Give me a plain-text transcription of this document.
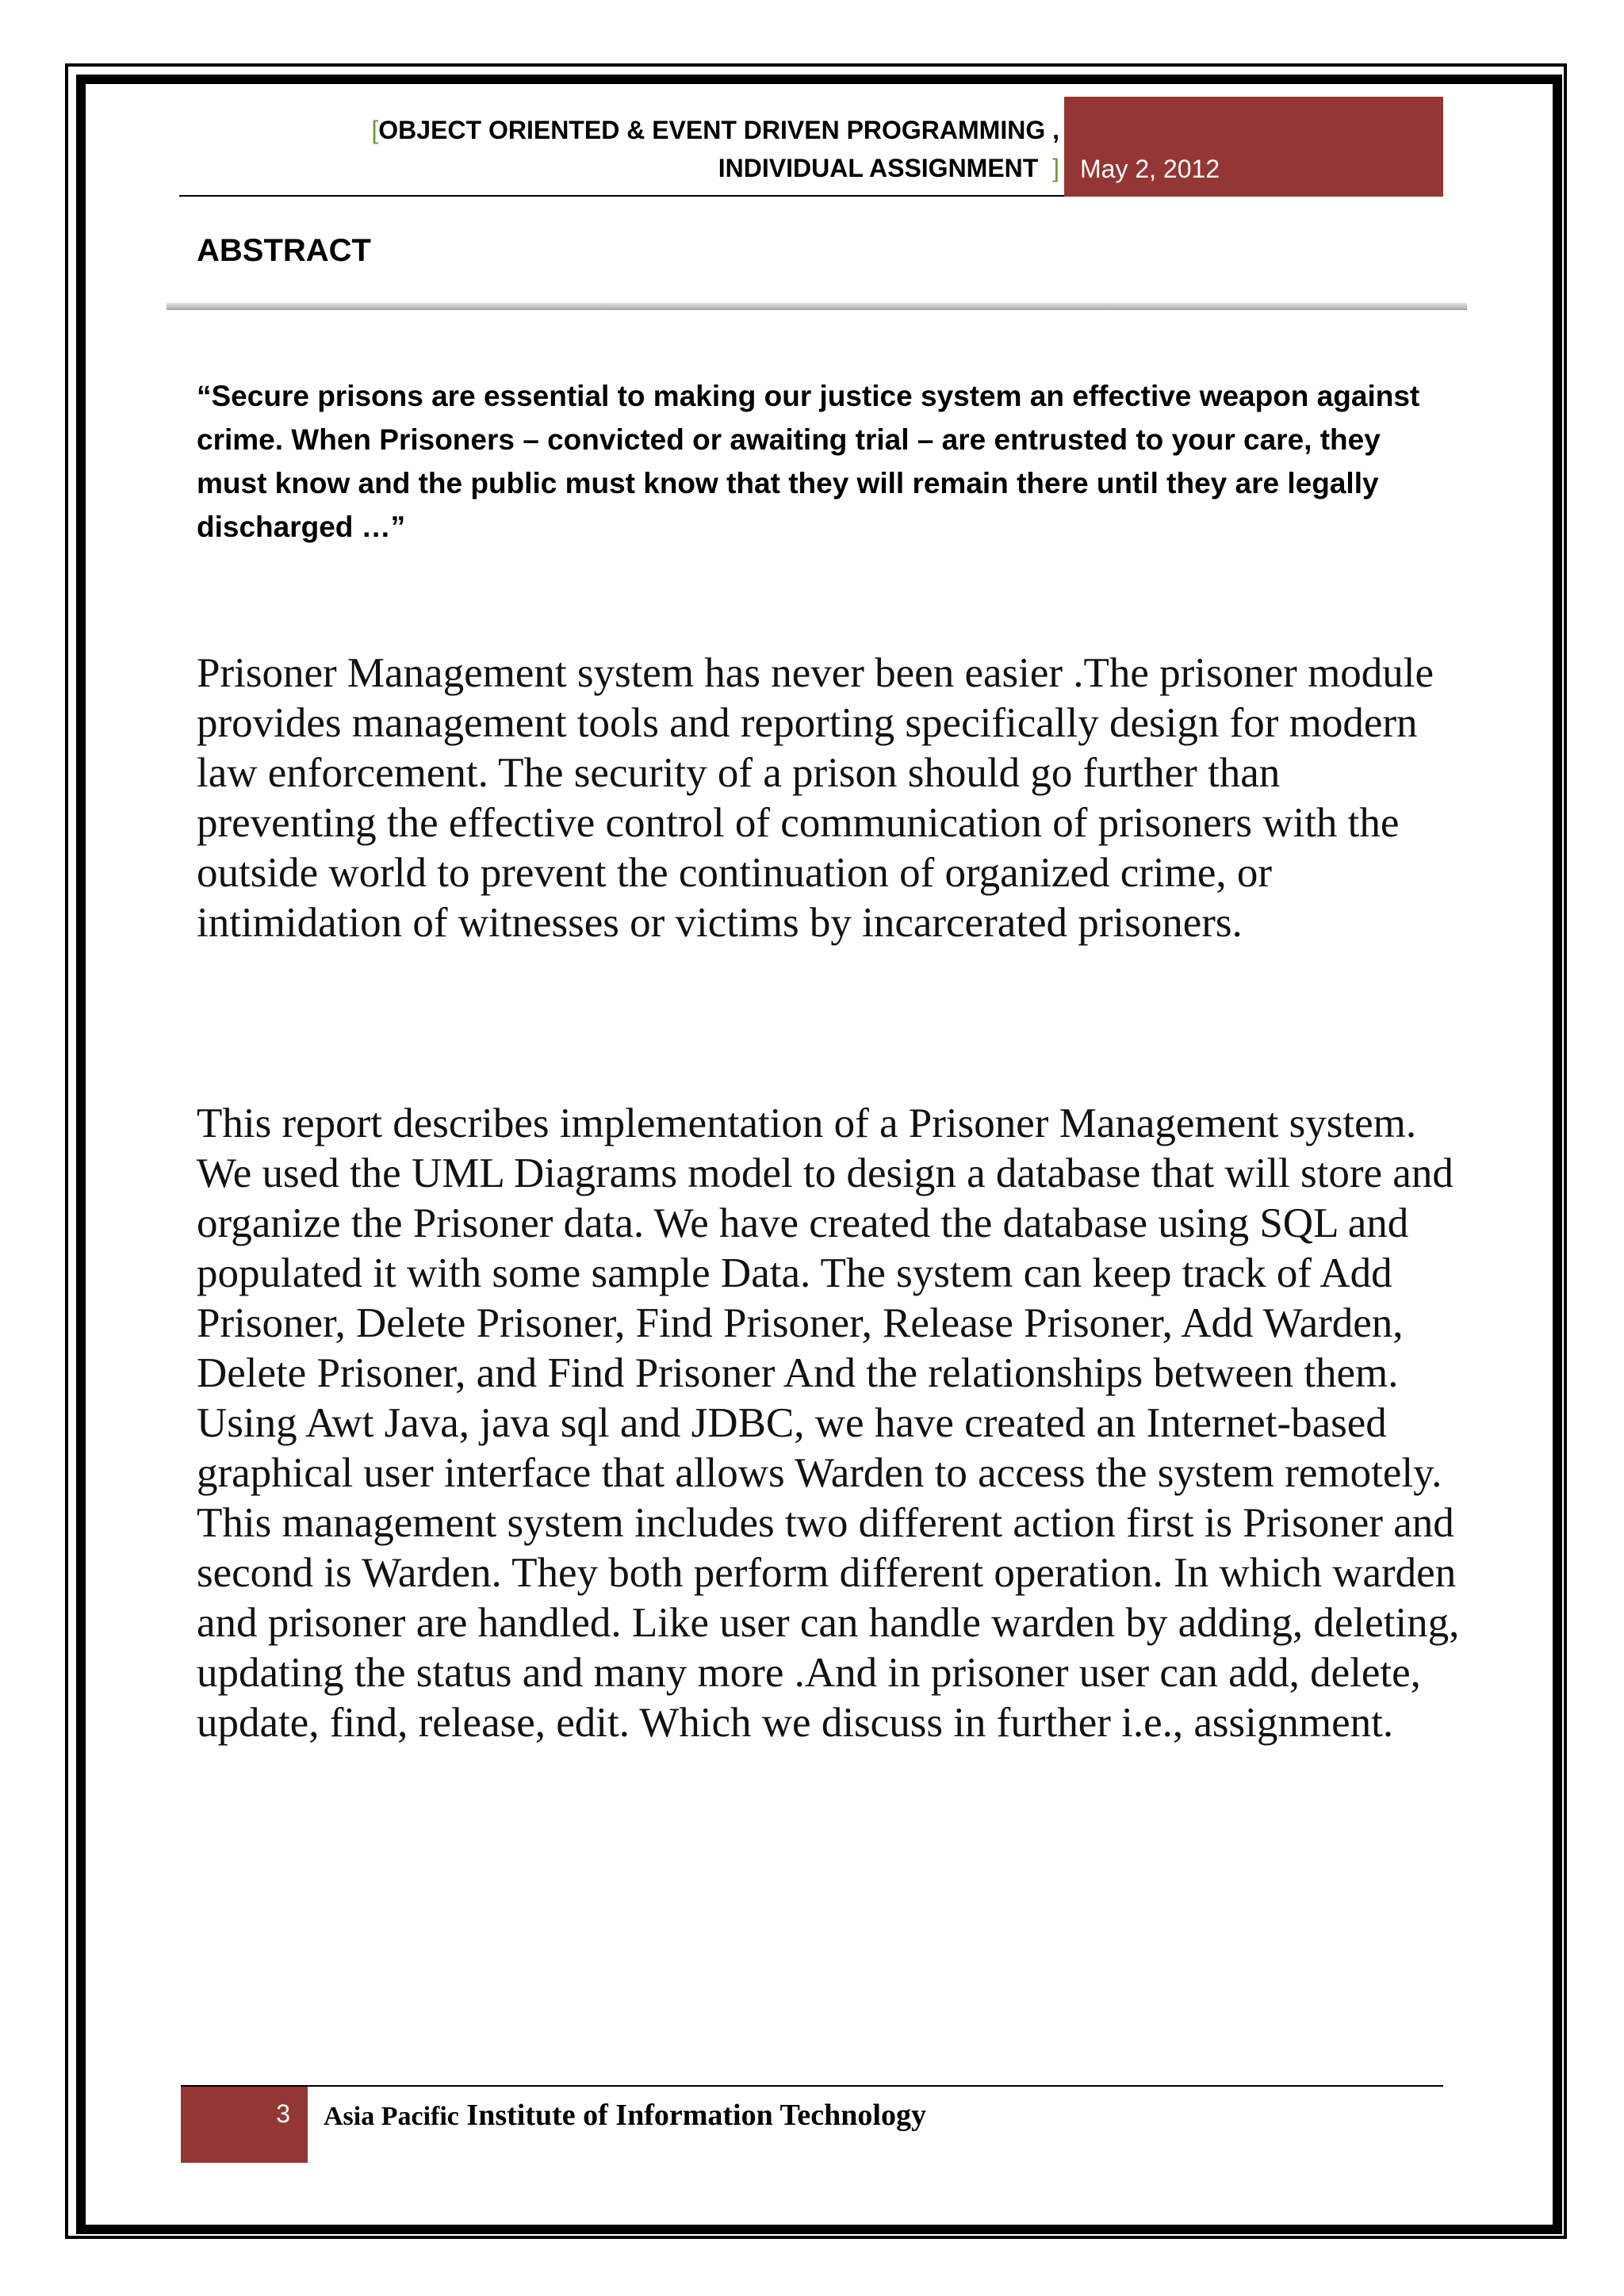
[OBJECT ORIENTED & EVENT DRIVEN PROGRAMMING ,
INDIVIDUAL ASSIGNMENT ] May 2, 2012
ABSTRACT

“Secure prisons are essential to making our justice system an effective weapon against crime. When Prisoners – convicted or awaiting trial – are entrusted to your care, they must know and the public must know that they will remain there until they are legally discharged …”

Prisoner Management system has never been easier .The prisoner module provides management tools and reporting specifically design for modern law enforcement. The security of a prison should go further than preventing the effective control of communication of prisoners with the outside world to prevent the continuation of organized crime, or intimidation of witnesses or victims by incarcerated prisoners.

This report describes implementation of a Prisoner Management system. We used the UML Diagrams model to design a database that will store and organize the Prisoner data. We have created the database using SQL and populated it with some sample Data. The system can keep track of Add Prisoner, Delete Prisoner, Find Prisoner, Release Prisoner, Add Warden, Delete Prisoner, and Find Prisoner And the relationships between them. Using Awt Java, java sql and JDBC, we have created an Internet-based graphical user interface that allows Warden to access the system remotely. This management system includes two different action first is Prisoner and second is Warden. They both perform different operation. In which warden and prisoner are handled. Like user can handle warden by adding, deleting, updating the status and many more .And in prisoner user can add, delete, update, find, release, edit. Which we discuss in further i.e., assignment.

3 Asia Pacific Institute of Information Technology
